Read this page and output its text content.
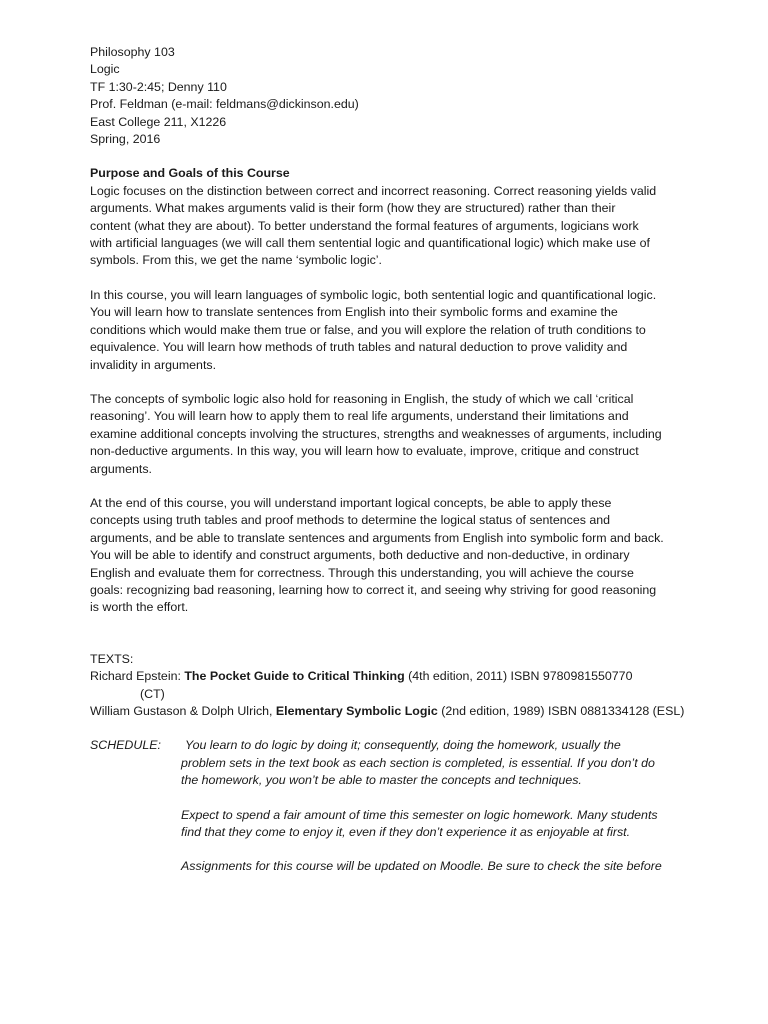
Philosophy 103
Logic
TF 1:30-2:45; Denny 110
Prof. Feldman (e-mail: feldmans@dickinson.edu)
East College 211, X1226
Spring, 2016
Purpose and Goals of this Course
Logic focuses on the distinction between correct and incorrect reasoning. Correct reasoning yields valid
arguments. What makes arguments valid is their form (how they are structured) rather than their
content (what they are about). To better understand the formal features of arguments, logicians work
with artificial languages (we will call them sentential logic and quantificational logic) which make use of
symbols. From this, we get the name ‘symbolic logic’.
In this course, you will learn languages of symbolic logic, both sentential logic and quantificational logic.
You will learn how to translate sentences from English into their symbolic forms and examine the
conditions which would make them true or false, and you will explore the relation of truth conditions to
equivalence. You will learn how methods of truth tables and natural deduction to prove validity and
invalidity in arguments.
The concepts of symbolic logic also hold for reasoning in English, the study of which we call ‘critical
reasoning’. You will learn how to apply them to real life arguments, understand their limitations and
examine additional concepts involving the structures, strengths and weaknesses of arguments, including
non-deductive arguments. In this way, you will learn how to evaluate, improve, critique and construct
arguments.
At the end of this course, you will understand important logical concepts, be able to apply these
concepts using truth tables and proof methods to determine the logical status of sentences and
arguments, and be able to translate sentences and arguments from English into symbolic form and back.
You will be able to identify and construct arguments, both deductive and non-deductive, in ordinary
English and evaluate them for correctness. Through this understanding, you will achieve the course
goals: recognizing bad reasoning, learning how to correct it, and seeing why striving for good reasoning
is worth the effort.
TEXTS:
Richard Epstein: The Pocket Guide to Critical Thinking (4th edition, 2011) ISBN 9780981550770
(CT)
William Gustason & Dolph Ulrich, Elementary Symbolic Logic (2nd edition, 1989) ISBN 0881334128 (ESL)
SCHEDULE:	You learn to do logic by doing it; consequently, doing the homework, usually the
problem sets in the text book as each section is completed, is essential. If you don’t do
the homework, you won’t be able to master the concepts and techniques.
Expect to spend a fair amount of time this semester on logic homework. Many students
find that they come to enjoy it, even if they don’t experience it as enjoyable at first.
Assignments for this course will be updated on Moodle. Be sure to check the site before
